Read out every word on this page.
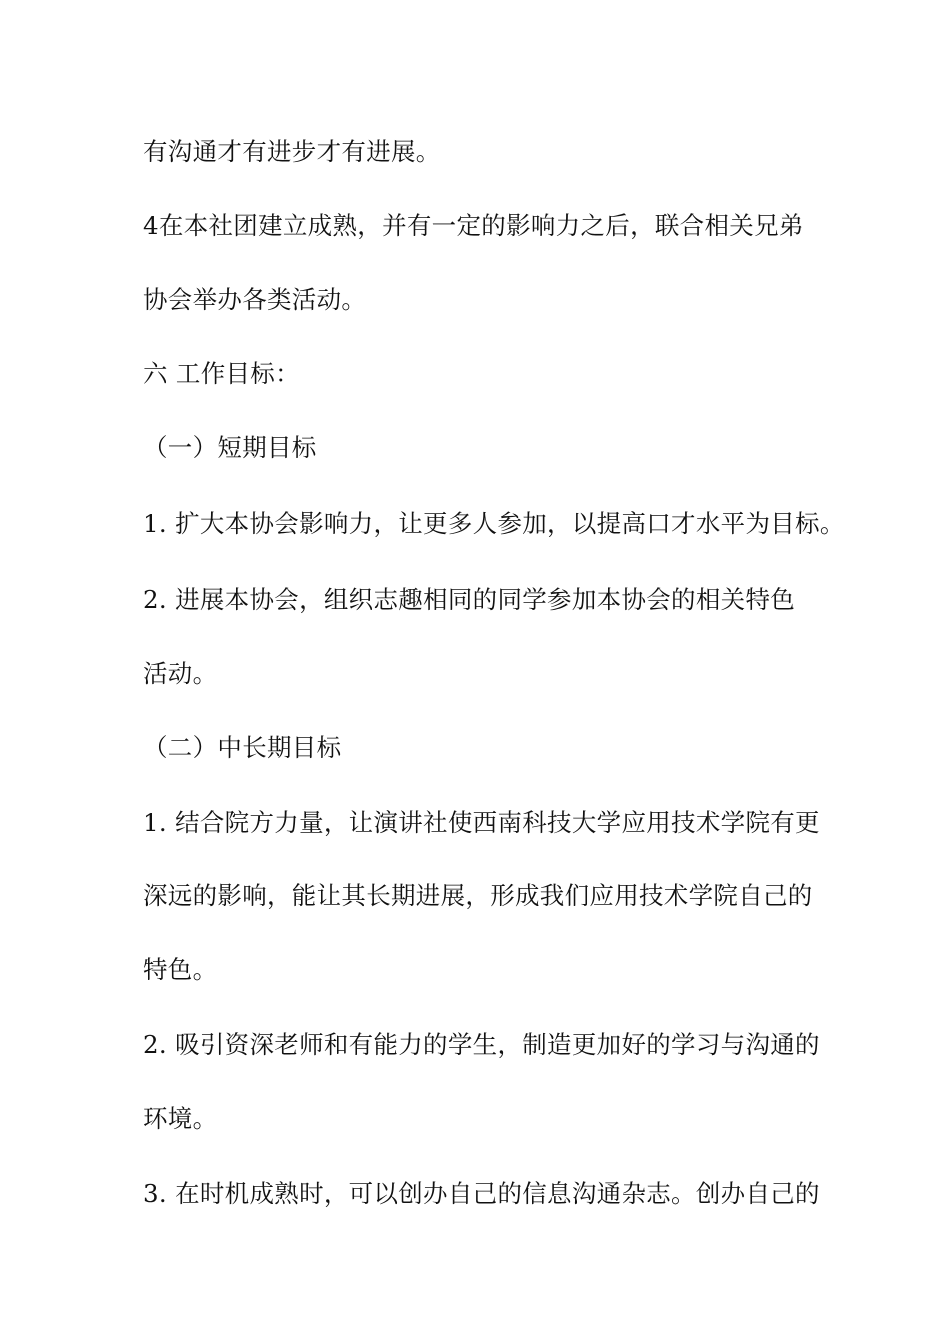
有沟通才有进步才有进展。
4在本社团建立成熟，并有一定的影响力之后，联合相关兄弟
协会举办各类活动。
六 工作目标：
（一）短期目标
1. 扩大本协会影响力，让更多人参加，以提高口才水平为目标。
2. 进展本协会，组织志趣相同的同学参加本协会的相关特色
活动。
（二）中长期目标
1. 结合院方力量，让演讲社使西南科技大学应用技术学院有更
深远的影响，能让其长期进展，形成我们应用技术学院自己的
特色。
2. 吸引资深老师和有能力的学生，制造更加好的学习与沟通的
环境。
3. 在时机成熟时，可以创办自己的信息沟通杂志。创办自己的
